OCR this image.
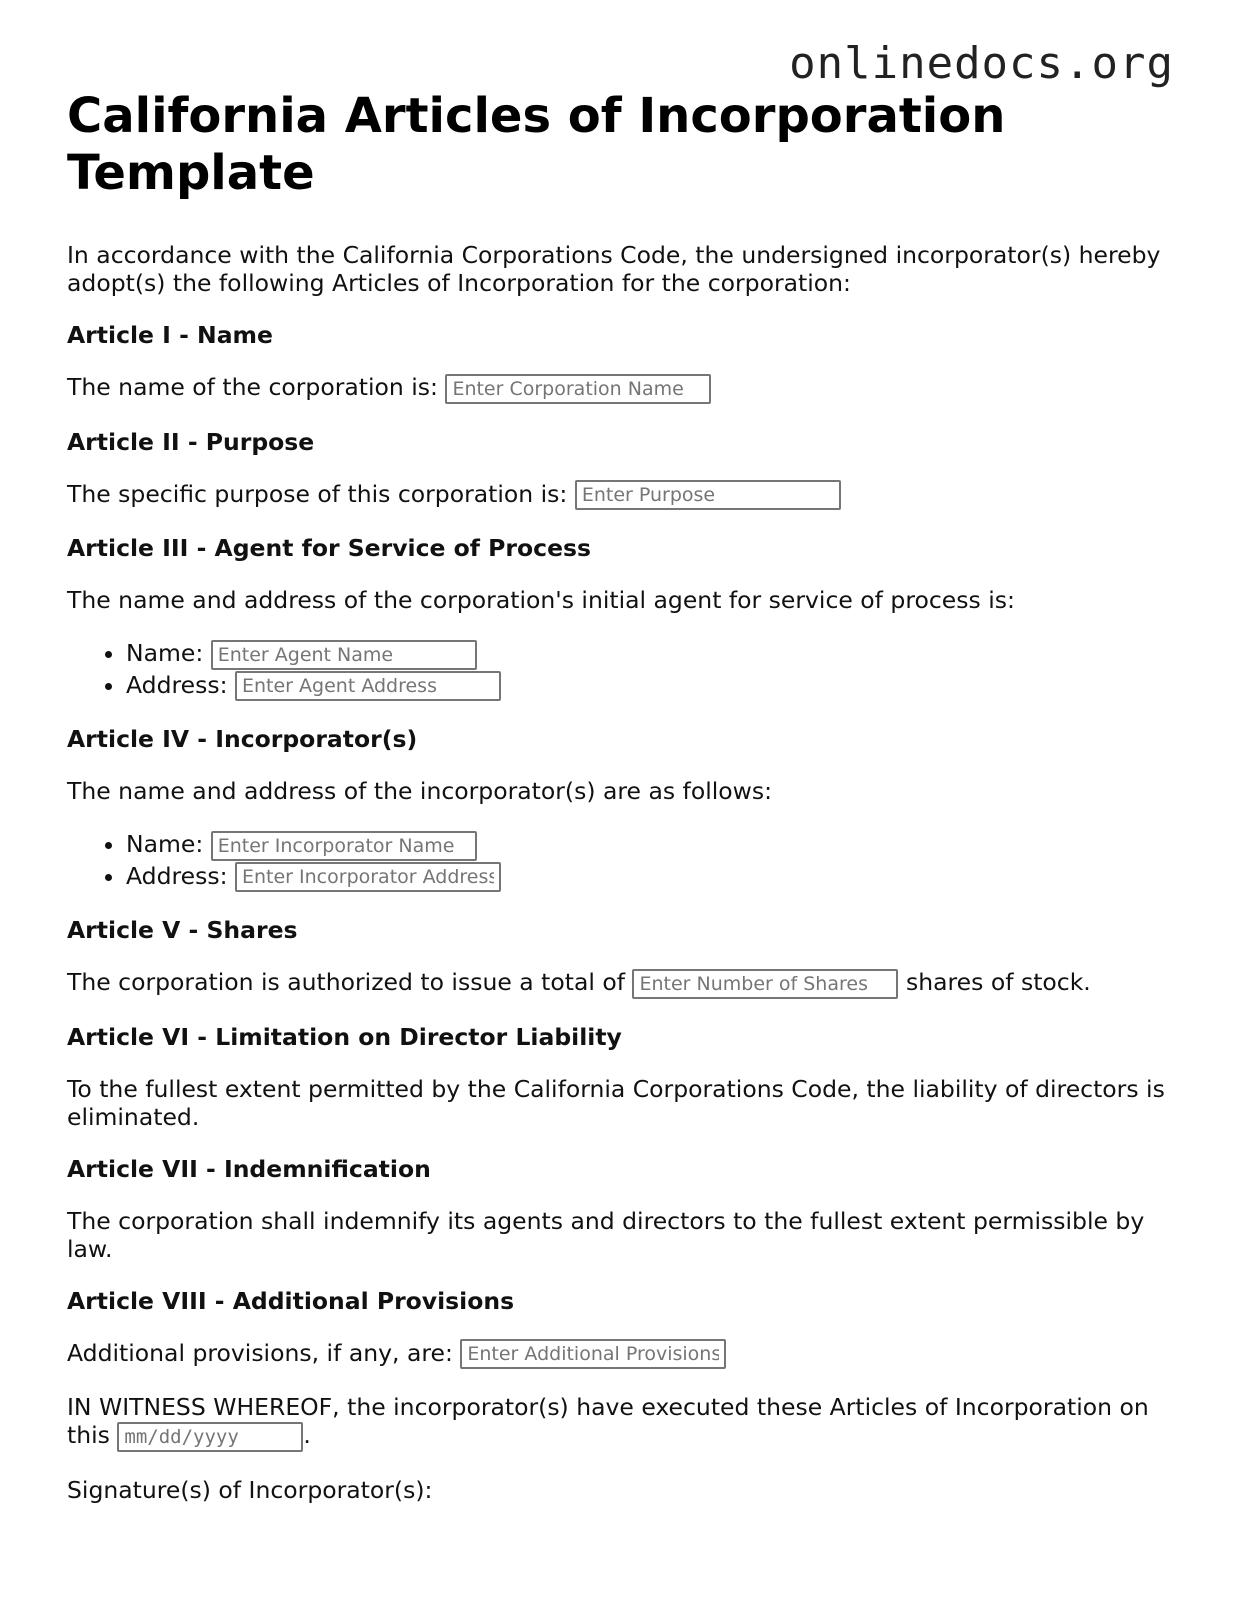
onlinedocs.org
California Articles of Incorporation Template

In accordance with the California Corporations Code, the undersigned incorporator(s) hereby adopt(s) the following Articles of Incorporation for the corporation:

Article I - Name

The name of the corporation is: Enter Corporation Name

Article II - Purpose

The specific purpose of this corporation is: Enter Purpose

Article III - Agent for Service of Process

The name and address of the corporation's initial agent for service of process is:

• Name: Enter Agent Name
• Address: Enter Agent Address
Article IV - Incorporator(s)

The name and address of the incorporator(s) are as follows:

• Name: Enter Incorporator Name
• Address: Enter Incorporator Address
Article V - Shares

The corporation is authorized to issue a total of Enter Number of Shares	shares of stock.

Article VI - Limitation on Director Liability

To the fullest extent permitted by the California Corporations Code, the liability of directors is eliminated.

Article VII - Indemnification

The corporation shall indemnify its agents and directors to the fullest extent permissible by law.

Article VIII - Additional Provisions

Additional provisions, if any, are: Enter Additional Provisions

IN WITNESS WHEREOF, the incorporator(s) have executed these Articles of Incorporation on this mm/dd/yyyy	.

Signature(s) of Incorporator(s):
